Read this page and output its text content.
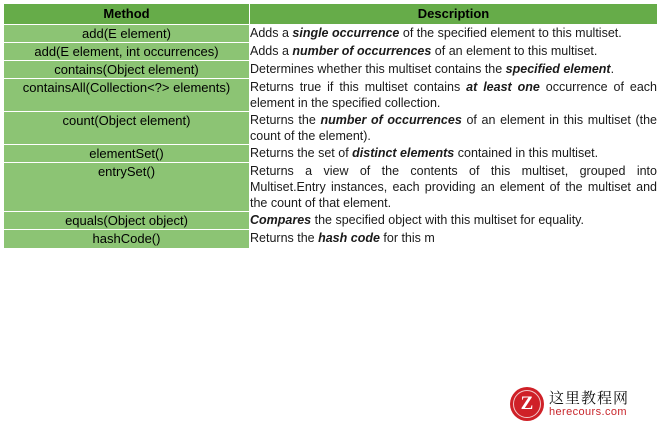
Method	Description
add(E element)	Adds a single occurrence of the specified element to this multiset.
add(E element, int occurrences)	Adds a number of occurrences of an element to this multiset.
contains(Object element)	Determines whether this multiset contains the specified element.
containsAll(Collection<?> elements)	Returns true if this multiset contains at least one occurrence of each element in the specified collection.
count(Object element)	Returns the number of occurrences of an element in this multiset (the count of the element).
elementSet()	Returns the set of distinct elements contained in this multiset.
entrySet()	Returns a view of the contents of this multiset, grouped into Multiset.Entry instances, each providing an element of the multiset and the count of that element.
equals(Object object)	Compares the specified object with this multiset for equality.
hashCode()	Returns the hash code for this m
Z	这里教程网
herecours.com
